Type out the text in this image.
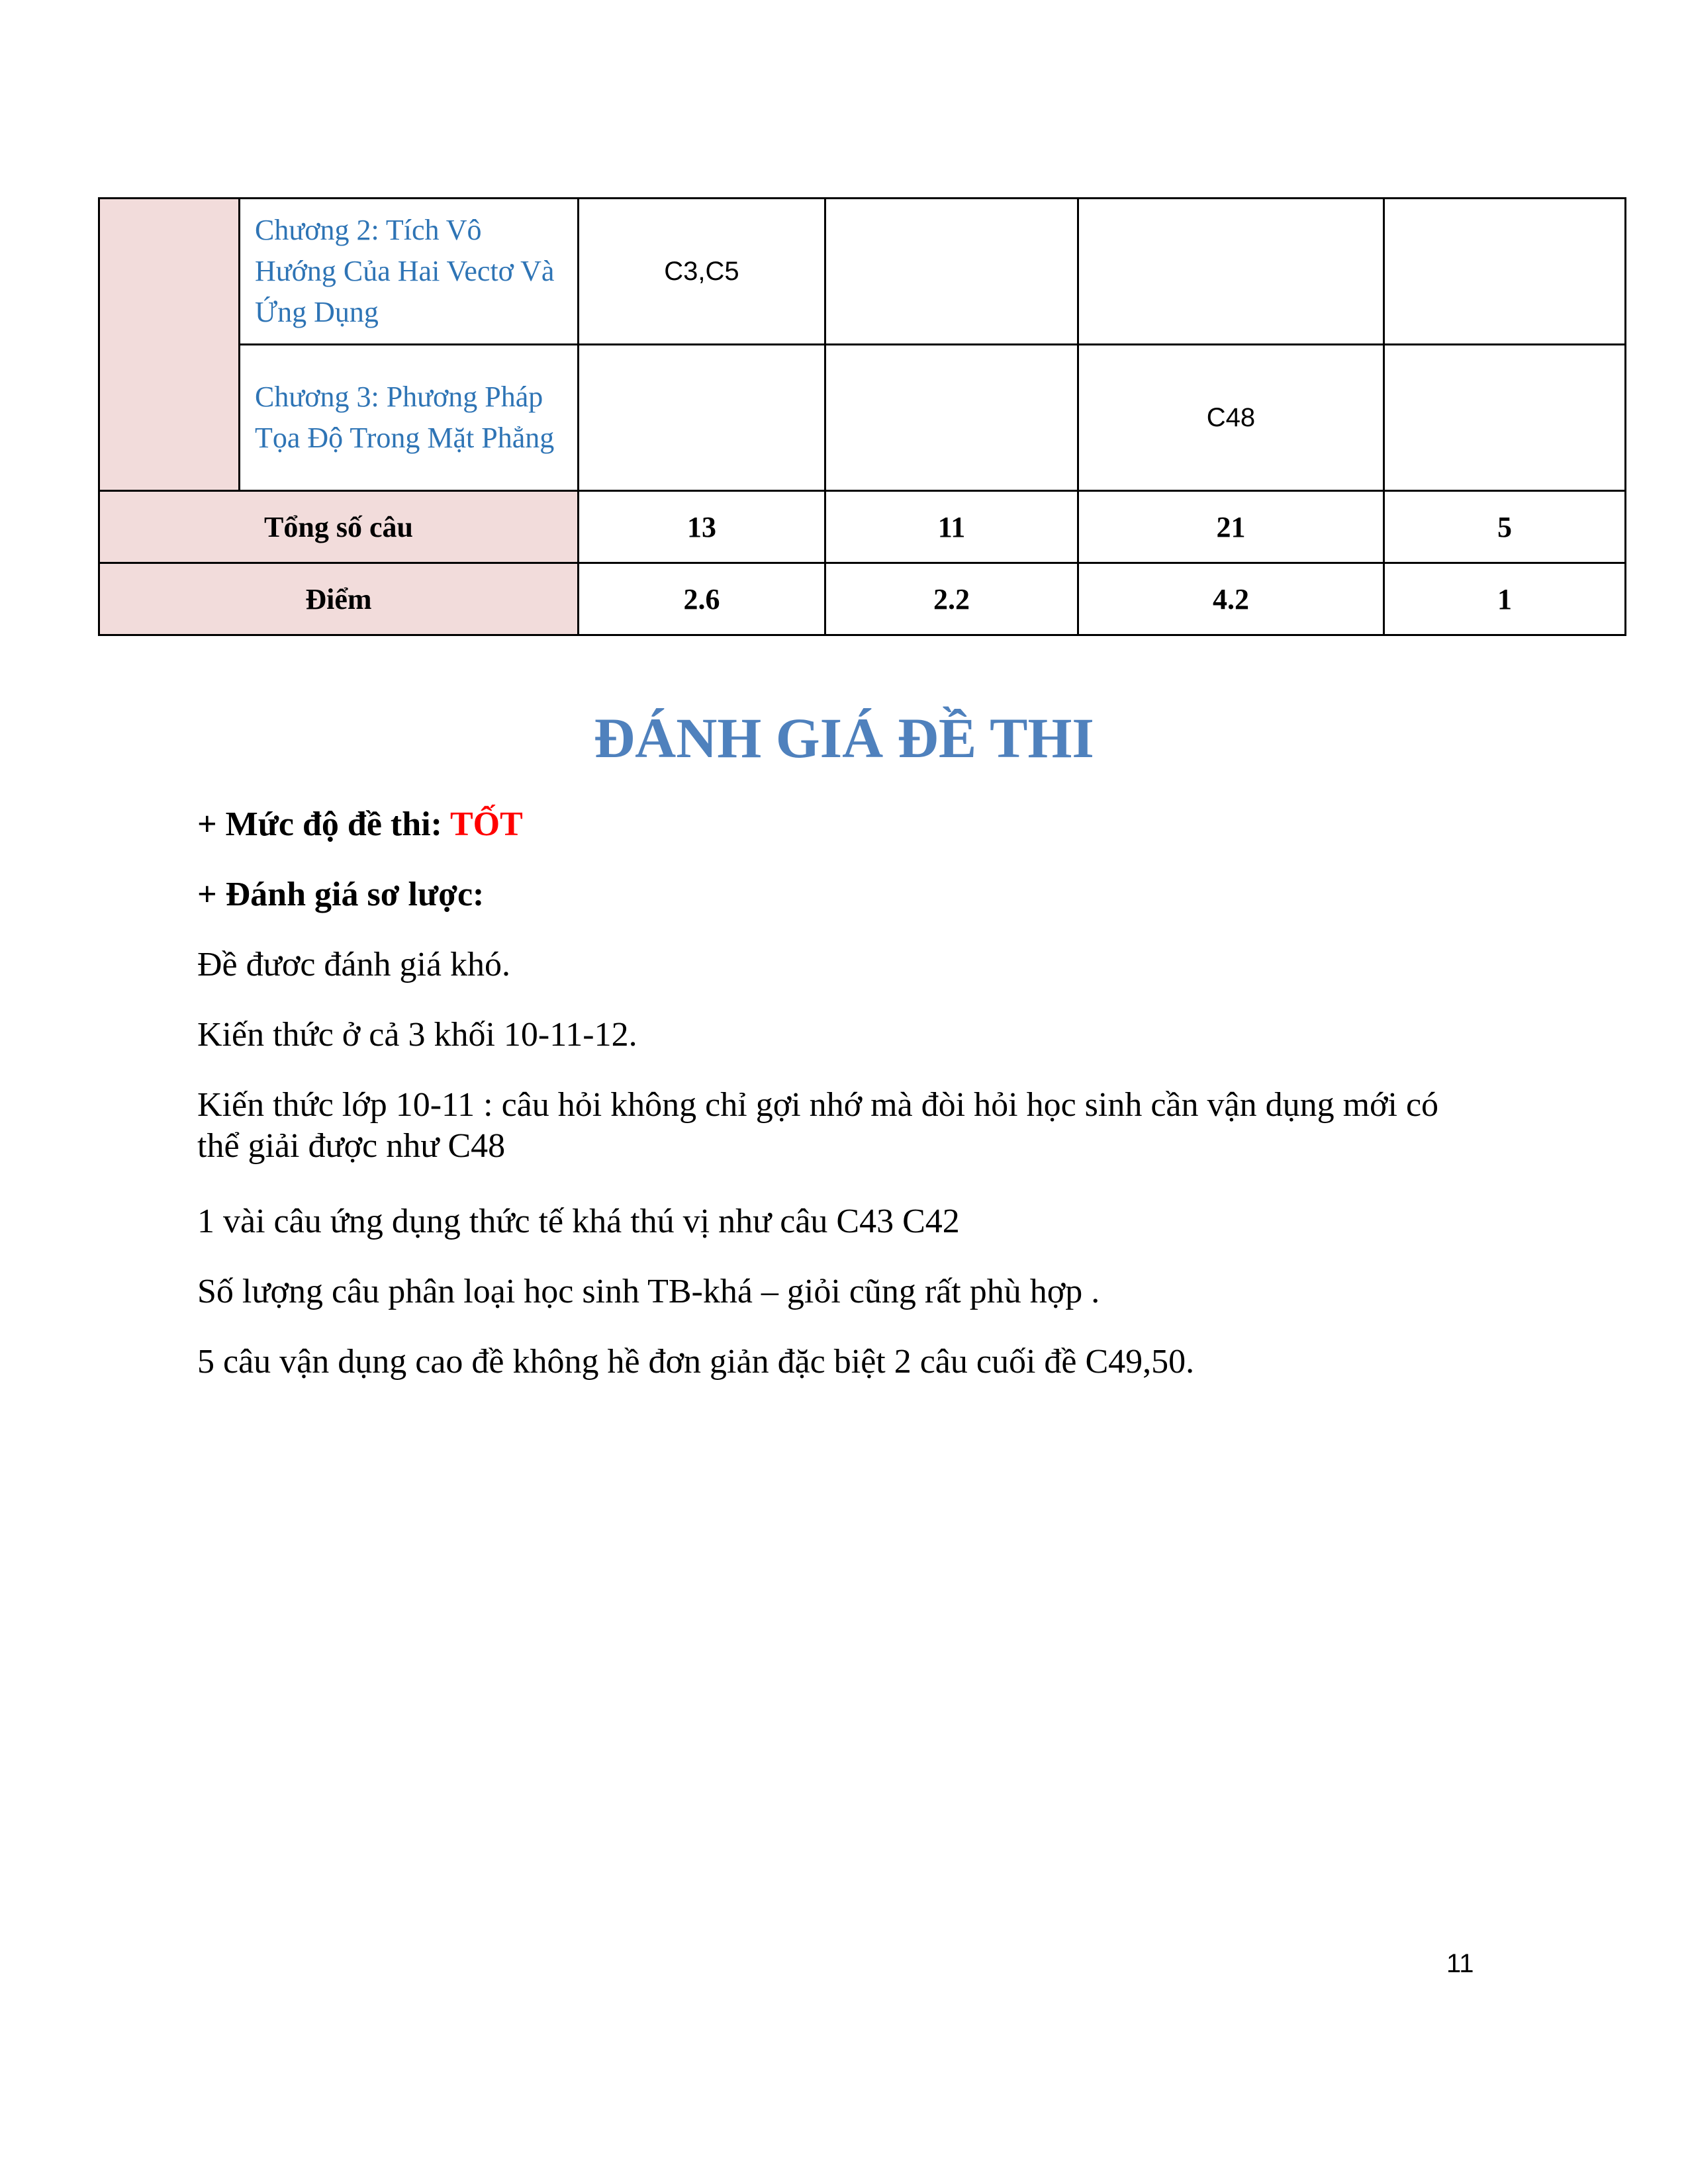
	Chương 2: Tích Vô Hướng Của Hai Vectơ Và Ứng Dụng	C3,C5			
	Chương 3: Phương Pháp Tọa Độ Trong Mặt Phẳng			C48	
Tổng số câu		13	11	21	5
Điểm		2.6	2.2	4.2	1
ĐÁNH GIÁ ĐỀ THI
+ Mức độ đề thi: TỐT
+ Đánh giá sơ lược:
Đề đươc đánh giá khó.
Kiến thức ở cả 3 khối 10-11-12.
Kiến thức lớp 10-11 : câu hỏi không chỉ gợi nhớ mà đòi hỏi học sinh cần vận dụng mới có thể giải được như C48
1 vài câu ứng dụng thức tế khá thú vị như câu C43 C42
Số lượng câu phân loại học sinh TB-khá – giỏi cũng rất phù hợp .
5 câu vận dụng cao đề không hề đơn giản đặc biệt 2 câu cuối đề C49,50.
11
